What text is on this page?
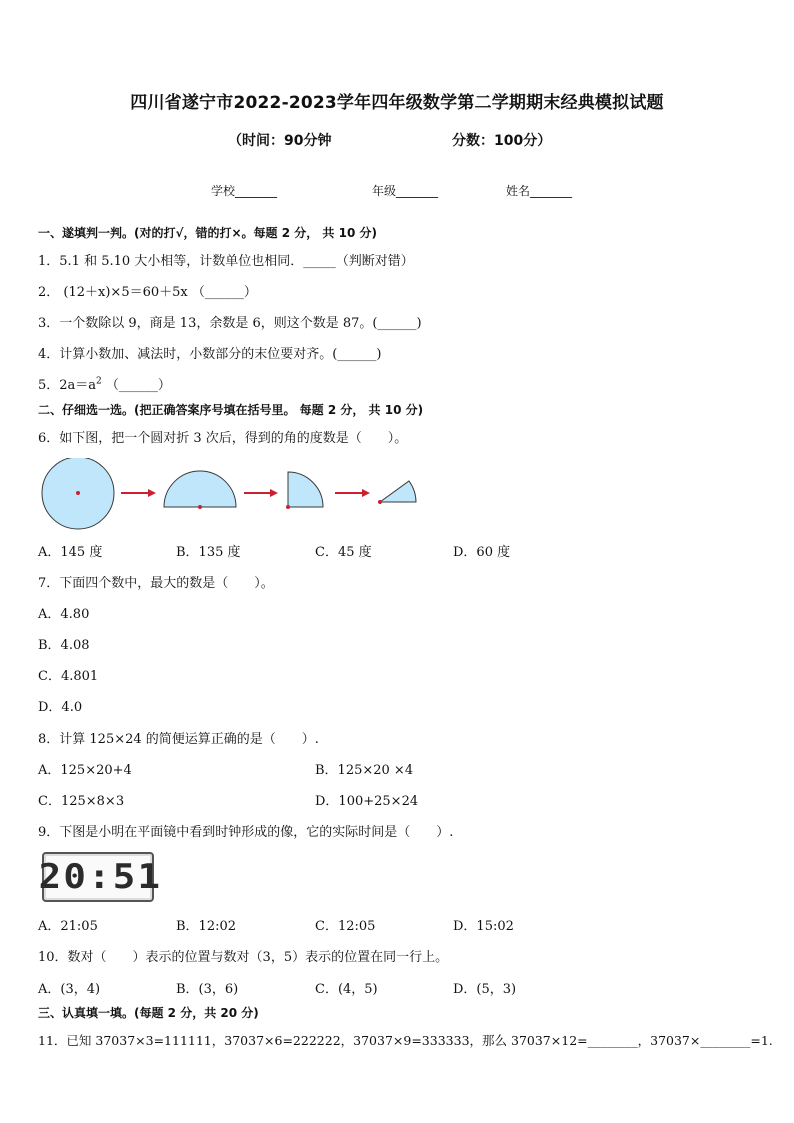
四川省遂宁市2022-2023学年四年级数学第二学期期末经典模拟试题
（时间：90分钟	分数：100分）
学校_______	年级_______	姓名_______
一、遂填判一判。(对的打√，错的打×。每题 2 分， 共 10 分)
1．5.1 和 5.10 大小相等，计数单位也相同．_____（判断对错）
2． (12＋x)×5＝60＋5x （______）
3．一个数除以 9，商是 13，余数是 6，则这个数是 87。(______)
4．计算小数加、减法时，小数部分的末位要对齐。(______)
5．$2a=a^2$ （______）
二、仔细选一选。(把正确答案序号填在括号里。 每题 2 分， 共 10 分)
6．如下图，把一个圆对折 3 次后，得到的角的度数是（　　）。
A．145 度	B．135 度	C．45 度	D．60 度
7．下面四个数中，最大的数是（　　）。
A．4.80
B．4.08
C．4.801
D．4.0
8．计算 125×24 的简便运算正确的是（　　）.
A．125×20+4	B．125×20 ×4
C．125×8×3	D．100+25×24
9．下图是小明在平面镜中看到时钟形成的像，它的实际时间是（　　）.
20:51
A．21:05	B．12:02	C．12:05	D．15:02
10．数对（　　）表示的位置与数对（3，5）表示的位置在同一行上。
A．(3，4)	B．(3，6)	C．(4，5)	D．(5，3)
三、认真填一填。(每题 2 分，共 20 分)
11．已知 37037×3=111111，37037×6=222222，37037×9=333333，那么 37037×12=________，37037×________=1.
